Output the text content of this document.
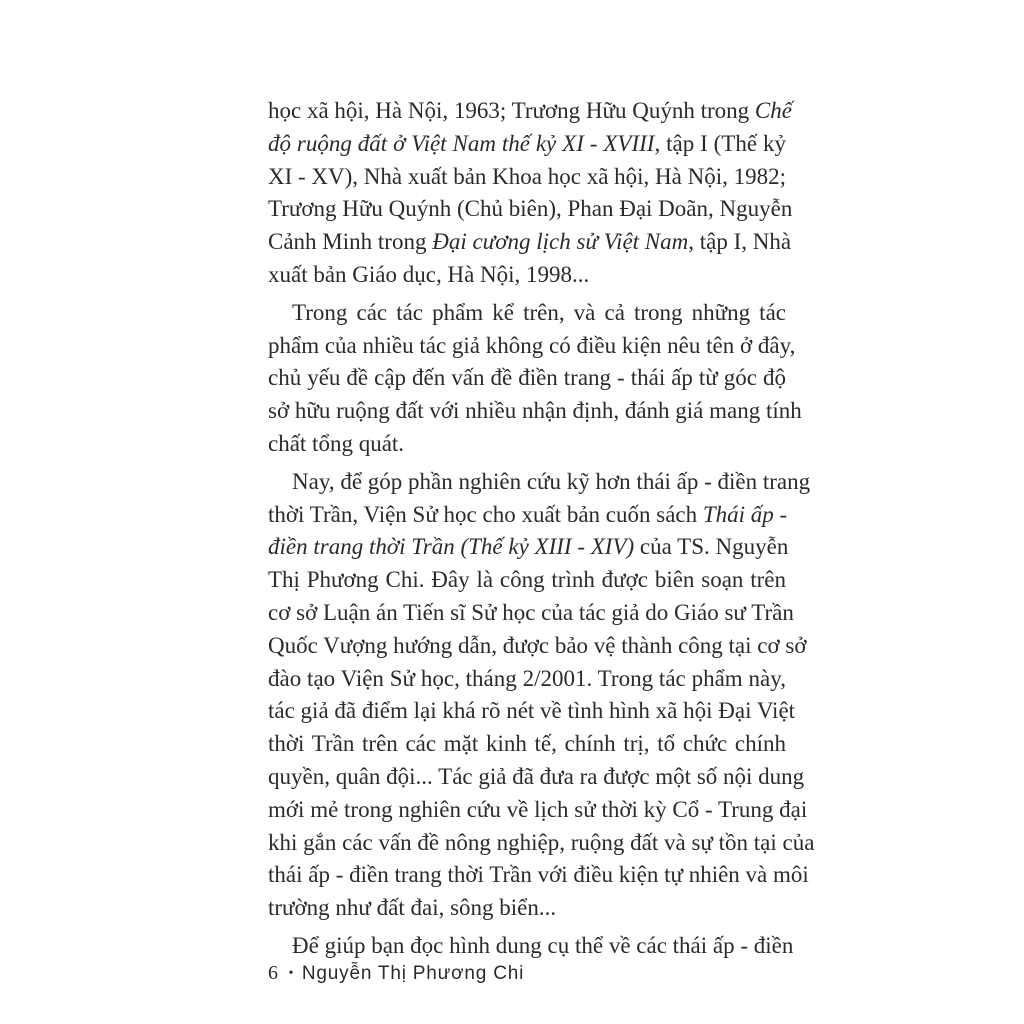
học xã hội, Hà Nội, 1963; Trương Hữu Quýnh trong Chế
độ ruộng đất ở Việt Nam thế kỷ XI - XVIII, tập I (Thế kỷ
XI - XV), Nhà xuất bản Khoa học xã hội, Hà Nội, 1982;
Trương Hữu Quýnh (Chủ biên), Phan Đại Doãn, Nguyễn
Cảnh Minh trong Đại cương lịch sử Việt Nam, tập I, Nhà
xuất bản Giáo dục, Hà Nội, 1998...
Trong các tác phẩm kể trên, và cả trong những tác
phẩm của nhiều tác giả không có điều kiện nêu tên ở đây,
chủ yếu đề cập đến vấn đề điền trang - thái ấp từ góc độ
sở hữu ruộng đất với nhiều nhận định, đánh giá mang tính
chất tổng quát.
Nay, để góp phần nghiên cứu kỹ hơn thái ấp - điền trang
thời Trần, Viện Sử học cho xuất bản cuốn sách Thái ấp -
điền trang thời Trần (Thế kỷ XIII - XIV) của TS. Nguyễn
Thị Phương Chi. Đây là công trình được biên soạn trên
cơ sở Luận án Tiến sĩ Sử học của tác giả do Giáo sư Trần
Quốc Vượng hướng dẫn, được bảo vệ thành công tại cơ sở
đào tạo Viện Sử học, tháng 2/2001. Trong tác phẩm này,
tác giả đã điểm lại khá rõ nét về tình hình xã hội Đại Việt
thời Trần trên các mặt kinh tế, chính trị, tổ chức chính
quyền, quân đội... Tác giả đã đưa ra được một số nội dung
mới mẻ trong nghiên cứu về lịch sử thời kỳ Cổ - Trung đại
khi gắn các vấn đề nông nghiệp, ruộng đất và sự tồn tại của
thái ấp - điền trang thời Trần với điều kiện tự nhiên và môi
trường như đất đai, sông biển...
Để giúp bạn đọc hình dung cụ thể về các thái ấp - điền
6 • Nguyễn Thị Phương Chi
